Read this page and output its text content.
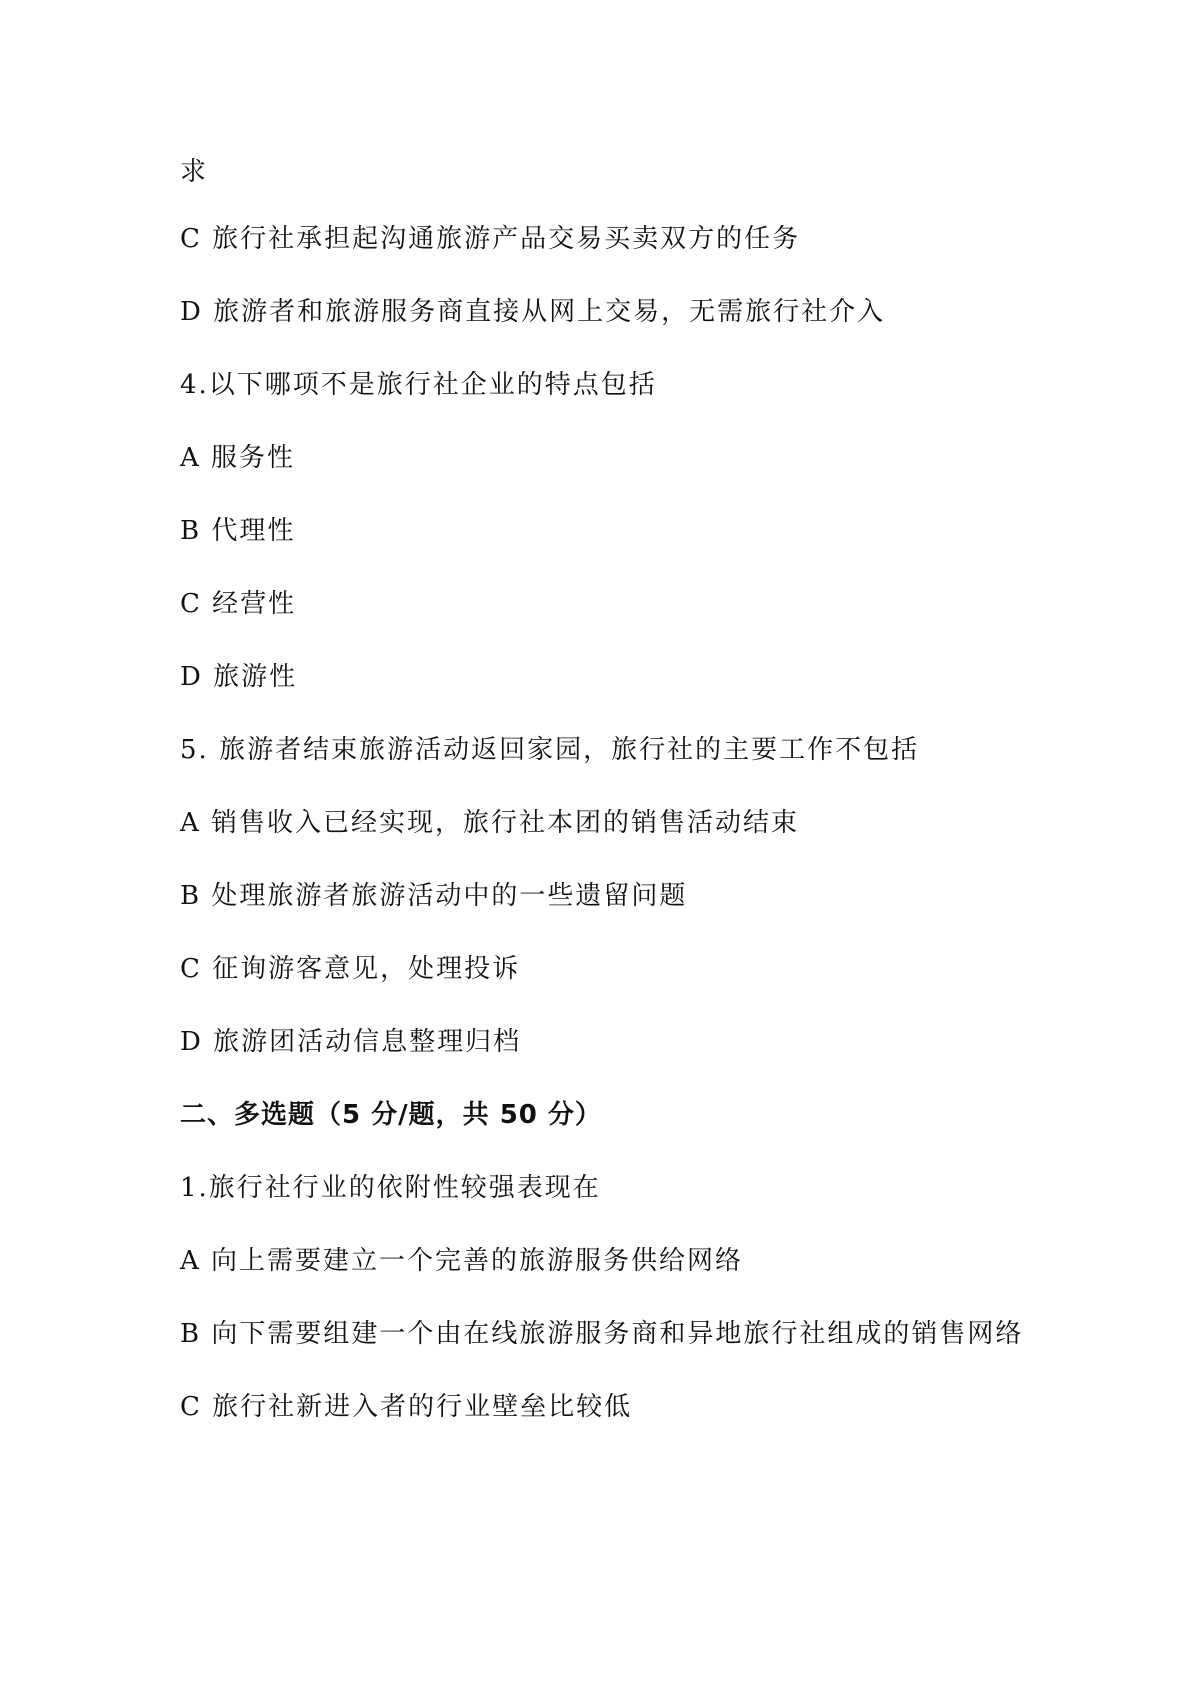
求
C 旅行社承担起沟通旅游产品交易买卖双方的任务
D 旅游者和旅游服务商直接从网上交易，无需旅行社介入
4.以下哪项不是旅行社企业的特点包括
A 服务性
B 代理性
C 经营性
D 旅游性
5. 旅游者结束旅游活动返回家园，旅行社的主要工作不包括
A 销售收入已经实现，旅行社本团的销售活动结束
B 处理旅游者旅游活动中的一些遗留问题
C 征询游客意见，处理投诉
D 旅游团活动信息整理归档
二、多选题（5 分/题，共 50 分）
1.旅行社行业的依附性较强表现在
A 向上需要建立一个完善的旅游服务供给网络
B 向下需要组建一个由在线旅游服务商和异地旅行社组成的销售网络
C 旅行社新进入者的行业壁垒比较低
